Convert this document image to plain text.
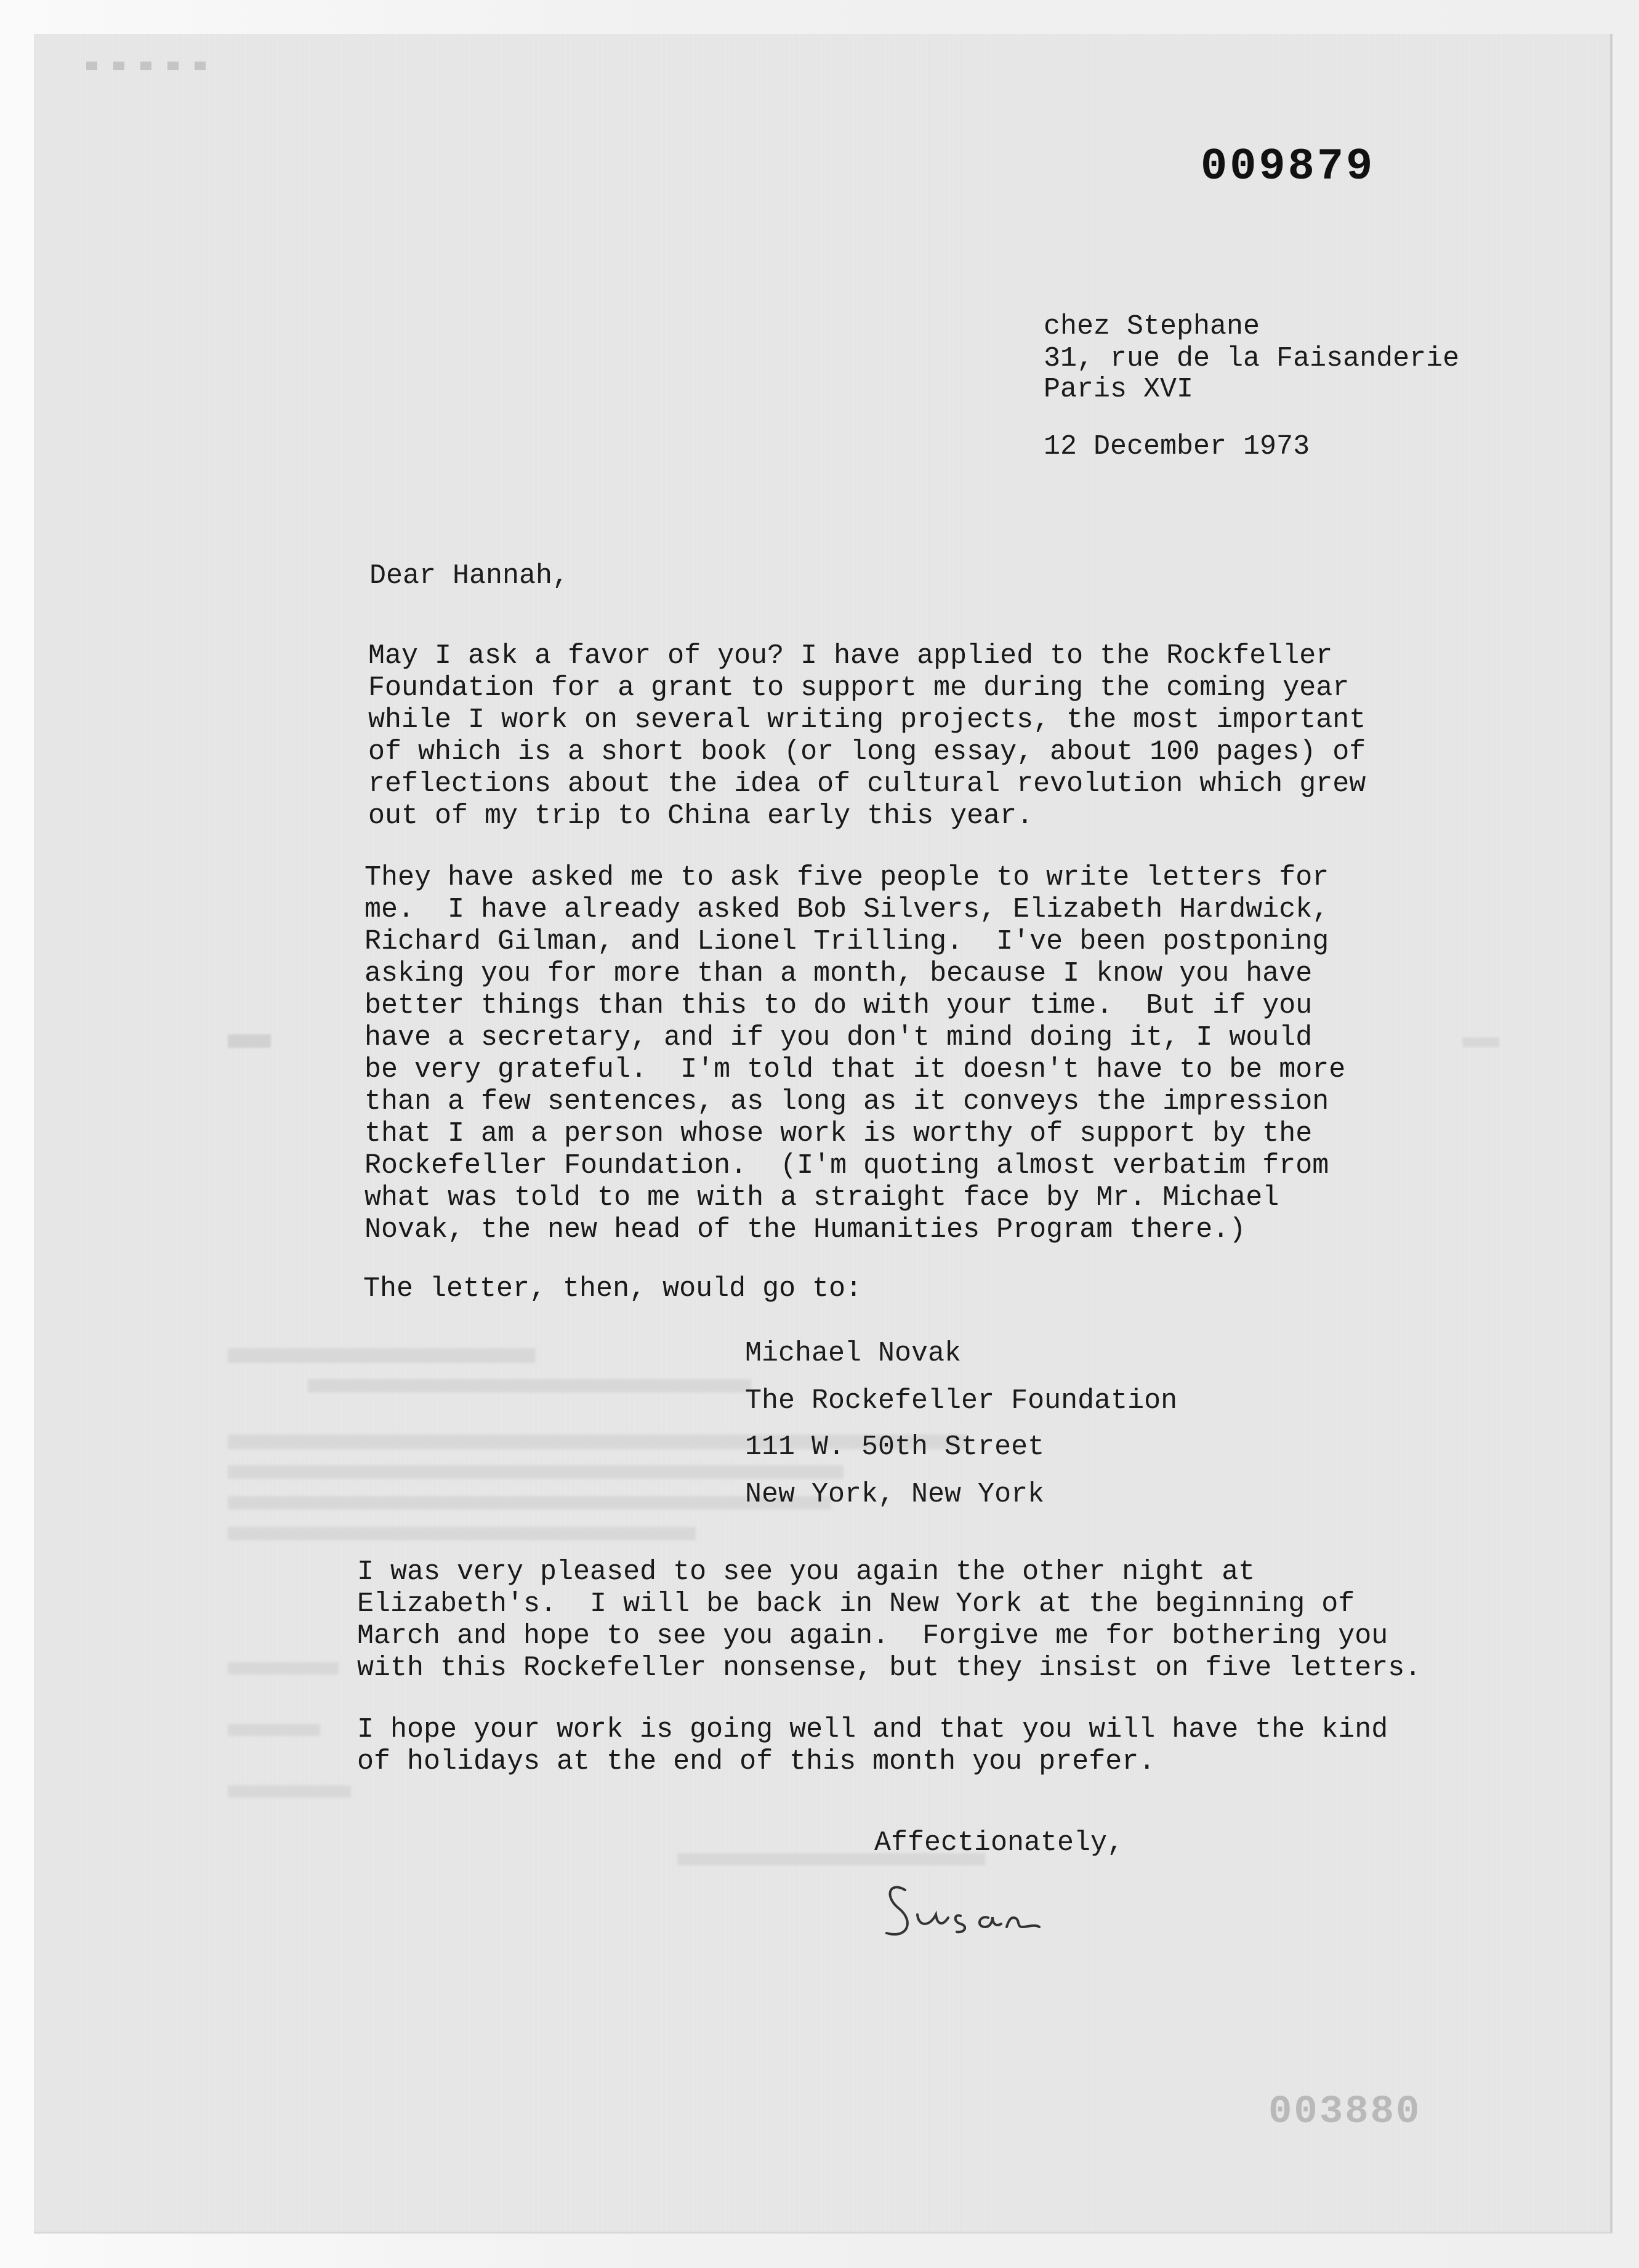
009879
chez Stephane
31, rue de la Faisanderie
Paris XVI
12 December 1973
Dear Hannah,
May I ask a favor of you? I have applied to the Rockfeller
Foundation for a grant to support me during the coming year
while I work on several writing projects, the most important
of which is a short book (or long essay, about 100 pages) of
reflections about the idea of cultural revolution which grew
out of my trip to China early this year.
They have asked me to ask five people to write letters for
me.  I have already asked Bob Silvers, Elizabeth Hardwick,
Richard Gilman, and Lionel Trilling.  I've been postponing
asking you for more than a month, because I know you have
better things than this to do with your time.  But if you
have a secretary, and if you don't mind doing it, I would
be very grateful.  I'm told that it doesn't have to be more
than a few sentences, as long as it conveys the impression
that I am a person whose work is worthy of support by the
Rockefeller Foundation.  (I'm quoting almost verbatim from
what was told to me with a straight face by Mr. Michael
Novak, the new head of the Humanities Program there.)
The letter, then, would go to:
Michael Novak
The Rockefeller Foundation
111 W. 50th Street
New York, New York
I was very pleased to see you again the other night at
Elizabeth's.  I will be back in New York at the beginning of
March and hope to see you again.  Forgive me for bothering you
with this Rockefeller nonsense, but they insist on five letters.
I hope your work is going well and that you will have the kind
of holidays at the end of this month you prefer.
Affectionately,
003880
